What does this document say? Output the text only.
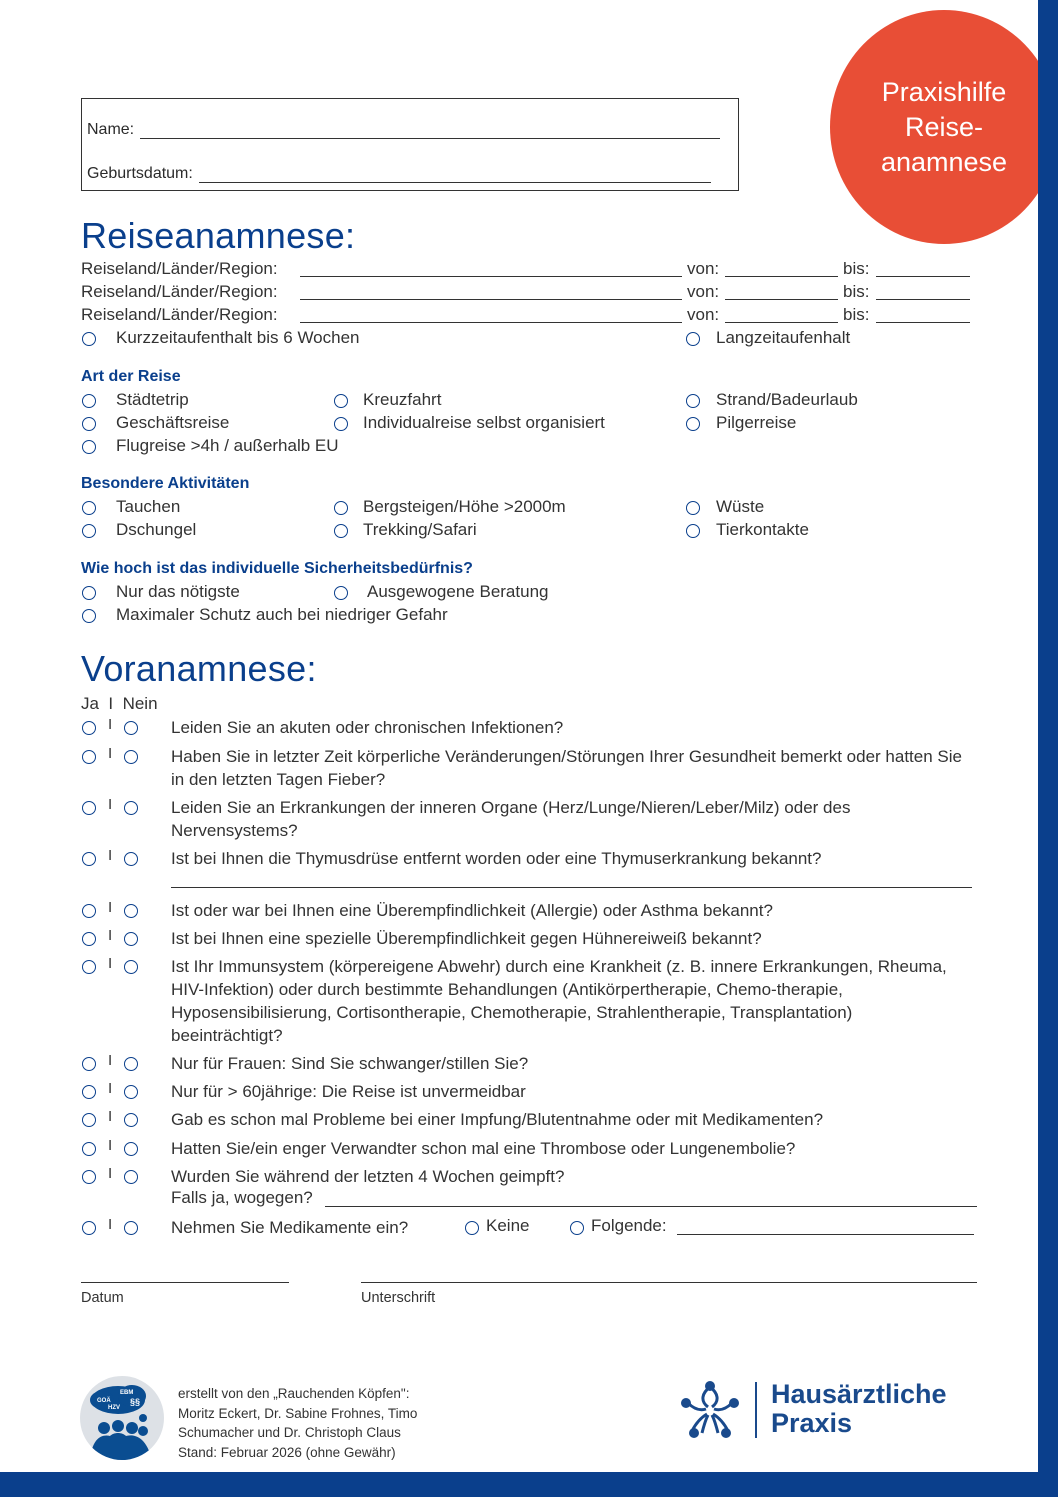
Praxishilfe
Reise-
anamnese
Name:
Geburtsdatum:
Reiseanamnese:
Reiseland/Länder/Region:	von:	bis:
Reiseland/Länder/Region:	von:	bis:
Reiseland/Länder/Region:	von:	bis:
Kurzzeitaufenthalt bis 6 Wochen	Langzeitaufenhalt
Art der Reise
Städtetrip	Kreuzfahrt	Strand/Badeurlaub
Geschäftsreise	Individualreise selbst organisiert	Pilgerreise
Flugreise >4h / außerhalb EU
Besondere Aktivitäten
Tauchen	Bergsteigen/Höhe >2000m	Wüste
Dschungel	Trekking/Safari	Tierkontakte
Wie hoch ist das individuelle Sicherheitsbedürfnis?
Nur das nötigste	Ausgewogene Beratung
Maximaler Schutz auch bei niedriger Gefahr
Voranamnese:
Ja  I  Nein
I	Leiden Sie an akuten oder chronischen Infektionen?
I	Haben Sie in letzter Zeit körperliche Veränderungen/Störungen Ihrer Gesundheit bemerkt oder hatten Sie in den letzten Tagen Fieber?
I	Leiden Sie an Erkrankungen der inneren Organe (Herz/Lunge/Nieren/Leber/Milz) oder des Nervensystems?
I	Ist bei Ihnen die Thymusdrüse entfernt worden oder eine Thymuserkrankung bekannt?
I	Ist oder war bei Ihnen eine Überempfindlichkeit (Allergie) oder Asthma bekannt?
I	Ist bei Ihnen eine spezielle Überempfindlichkeit gegen Hühnereiweiß bekannt?
I	Ist Ihr Immunsystem (körpereigene Abwehr) durch eine Krankheit (z. B. innere Erkrankungen, Rheuma, HIV-Infektion) oder durch bestimmte Behandlungen (Antikörpertherapie, Chemo-therapie, Hyposensibilisierung, Cortisontherapie, Chemotherapie, Strahlentherapie, Transplantation) beeinträchtigt?
I	Nur für Frauen: Sind Sie schwanger/stillen Sie?
I	Nur für > 60jährige: Die Reise ist unvermeidbar
I	Gab es schon mal Probleme bei einer Impfung/Blutentnahme oder mit Medikamenten?
I	Hatten Sie/ein enger Verwandter schon mal eine Thrombose oder Lungenembolie?
I	Wurden Sie während der letzten 4 Wochen geimpft?
Falls ja, wogegen?
I	Nehmen Sie Medikamente ein?	Keine	Folgende:
Datum	Unterschrift
EBM
GOÄ §§
HZV
erstellt von den „Rauchenden Köpfen":
Moritz Eckert, Dr. Sabine Frohnes, Timo
Schumacher und Dr. Christoph Claus
Stand: Februar 2026 (ohne Gewähr)
Hausärztliche
Praxis
